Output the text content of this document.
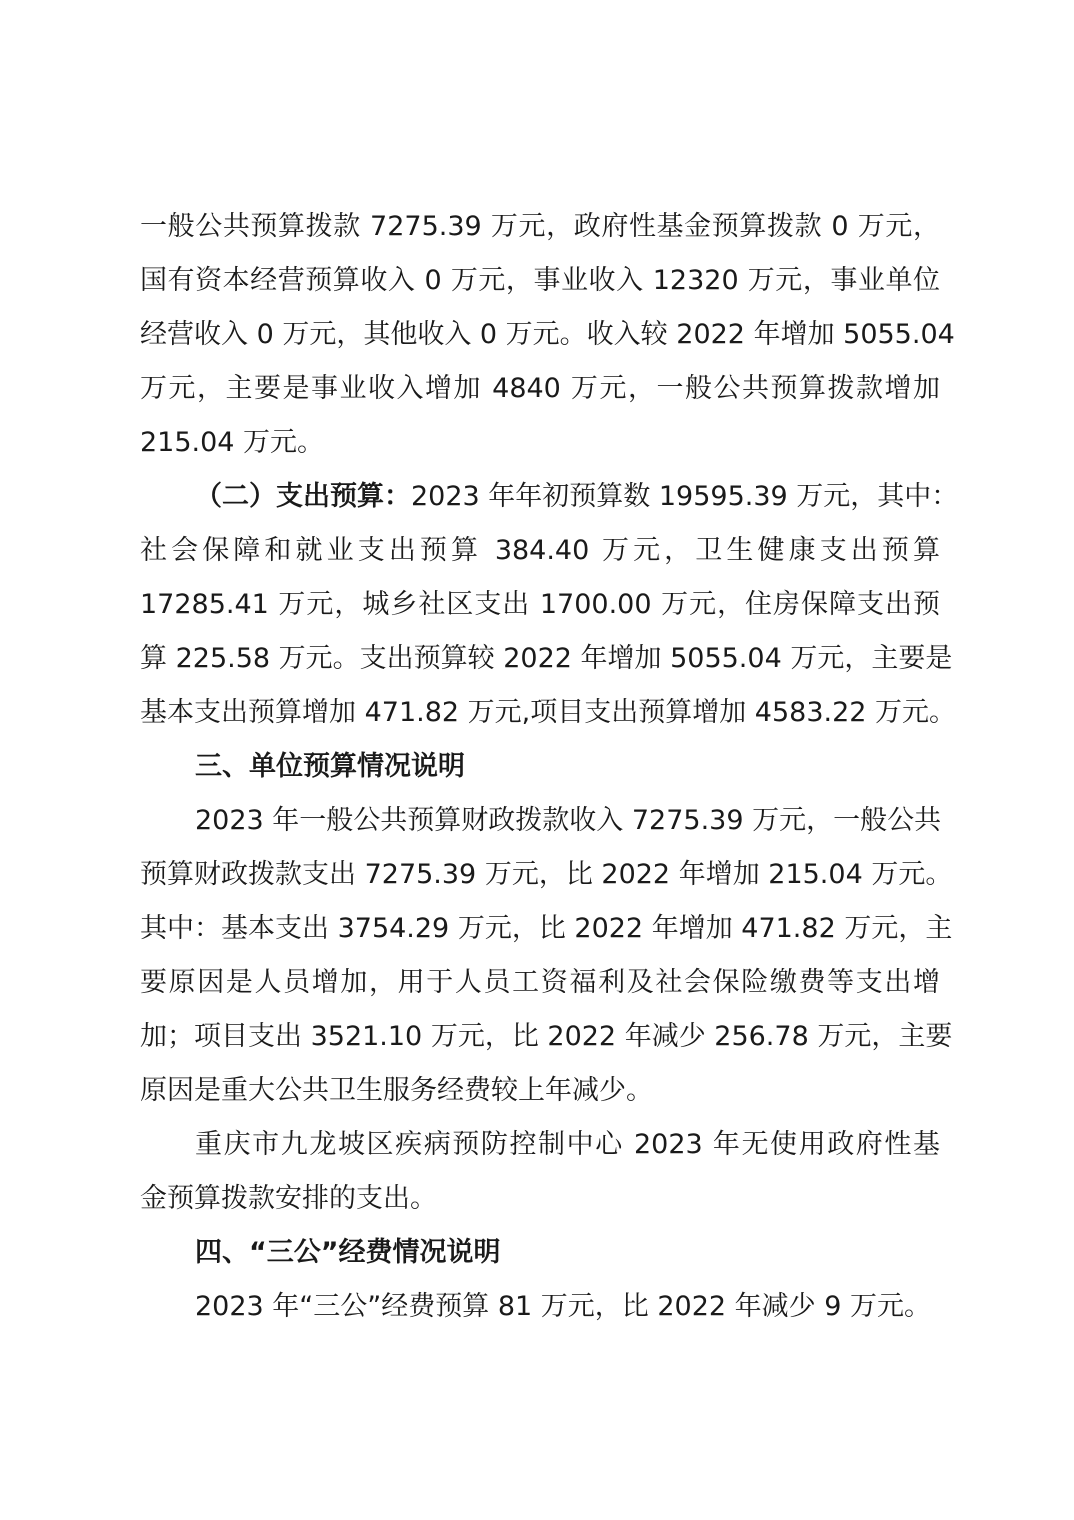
一般公共预算拨款 7275.39 万元，政府性基金预算拨款 0 万元，
国有资本经营预算收入 0 万元，事业收入 12320 万元，事业单位
经营收入 0 万元，其他收入 0 万元。收入较 2022 年增加 5055.04
万元，主要是事业收入增加 4840 万元，一般公共预算拨款增加
215.04 万元。
（二）支出预算：2023 年年初预算数 19595.39 万元，其中：
社会保障和就业支出预算 384.40 万元，卫生健康支出预算
17285.41 万元，城乡社区支出 1700.00 万元，住房保障支出预
算 225.58 万元。支出预算较 2022 年增加 5055.04 万元，主要是
基本支出预算增加 471.82 万元,项目支出预算增加 4583.22 万元。
三、单位预算情况说明
2023 年一般公共预算财政拨款收入 7275.39 万元，一般公共
预算财政拨款支出 7275.39 万元，比 2022 年增加 215.04 万元。
其中：基本支出 3754.29 万元，比 2022 年增加 471.82 万元，主
要原因是人员增加，用于人员工资福利及社会保险缴费等支出增
加；项目支出 3521.10 万元，比 2022 年减少 256.78 万元，主要
原因是重大公共卫生服务经费较上年减少。
重庆市九龙坡区疾病预防控制中心 2023 年无使用政府性基
金预算拨款安排的支出。
四、“三公”经费情况说明
2023 年“三公”经费预算 81 万元，比 2022 年减少 9 万元。
